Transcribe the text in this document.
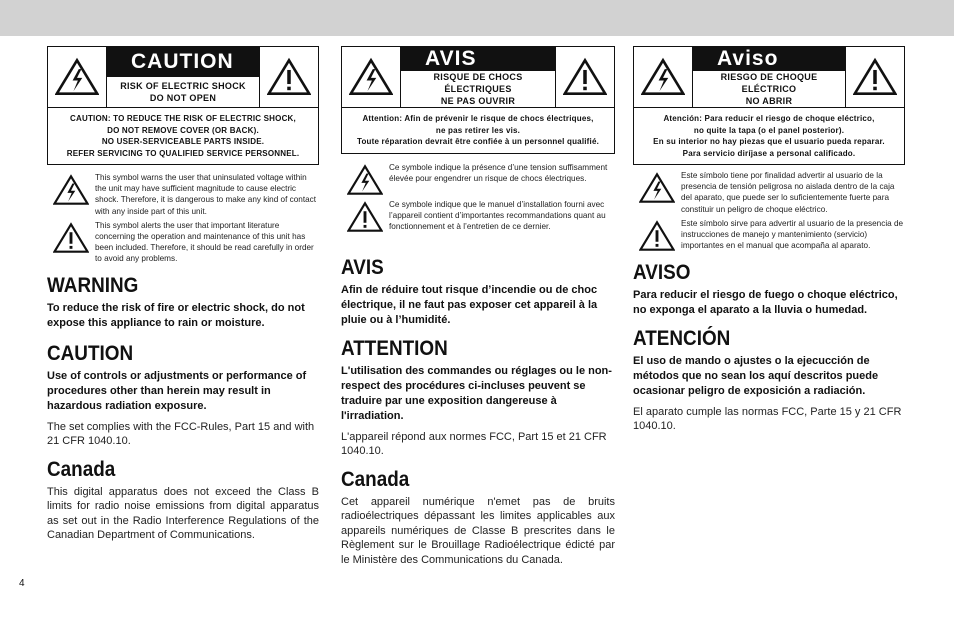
CAUTION
RISK OF ELECTRIC SHOCK
DO NOT OPEN
CAUTION: TO REDUCE THE RISK OF ELECTRIC SHOCK,
DO NOT REMOVE COVER (OR BACK).
NO USER-SERVICEABLE PARTS INSIDE.
REFER SERVICING TO QUALIFIED SERVICE PERSONNEL.
This symbol warns the user that uninsulated voltage within the unit may have sufficient magnitude to cause electric shock. Therefore, it is dangerous to make any kind of contact with any inside part of this unit.
This symbol alerts the user that important literature concerning the operation and maintenance of this unit has been included. Therefore, it should be read carefully in order to avoid any problems.
WARNING

To reduce the risk of fire or electric shock, do not expose this appliance to rain or moisture.

CAUTION

Use of controls or adjustments or performance of procedures other than herein may result in hazardous radiation exposure.

The set complies with the FCC-Rules, Part 15 and with 21 CFR 1040.10.

Canada

This digital apparatus does not exceed the Class B limits for radio noise emissions from digital apparatus as set out in the Radio Interference Regulations of the Canadian Department of Communications.

AVIS
RISQUE DE CHOCS ÉLECTRIQUES
NE PAS OUVRIR
Attention: Afin de prévenir le risque de chocs électriques,
ne pas retirer les vis.
Toute réparation devrait être confiée à un personnel qualifié.
Ce symbole indique la présence d’une tension suffisamment élevée pour engendrer un risque de chocs électriques.
Ce symbole indique que le manuel d’installation fourni avec l’appareil contient d’importantes recommandations quant au fonctionnement et à l’entretien de ce dernier.
AVIS

Afin de réduire tout risque d’incendie ou de choc électrique, il ne faut pas exposer cet appareil à la pluie ou à l’humidité.

ATTENTION

L'utilisation des commandes ou réglages ou le non-respect des procédures ci-incluses peuvent se traduire par une exposition dangereuse à l'irradiation.

L'appareil répond aux normes FCC, Part 15 et 21 CFR 1040.10.

Canada

Cet appareil numérique n'emet pas de bruits radioélectriques dépassant les limites applicables aux appareils numériques de Classe B prescrites dans le Règlement sur le Brouillage Radioélectrique édicté par le Ministère des Communications du Canada.

Aviso
RIESGO DE CHOQUE ELÉCTRICO
NO ABRIR
Atención: Para reducir el riesgo de choque eléctrico,
no quite la tapa (o el panel posterior).
En su interior no hay piezas que el usuario pueda reparar.
Para servicio diríjase a personal calificado.
Este símbolo tiene por finalidad advertir al usuario de la presencia de tensión peligrosa no aislada dentro de la caja del aparato, que puede ser lo suficientemente fuerte para constituir un peligro de choque eléctrico.
Este símbolo sirve para advertir al usuario de la presencia de instrucciones de manejo y mantenimiento (servicio) importantes en el manual que acompaña al aparato.
AVISO

Para reducir el riesgo de fuego o choque eléctrico, no exponga el aparato a la lluvia o humedad.

ATENCIÓN

El uso de mando o ajustes o la ejecucción de métodos que no sean los aquí descritos puede ocasionar peligro de exposición a radiación.

El aparato cumple las normas FCC, Parte 15 y 21 CFR 1040.10.

4
